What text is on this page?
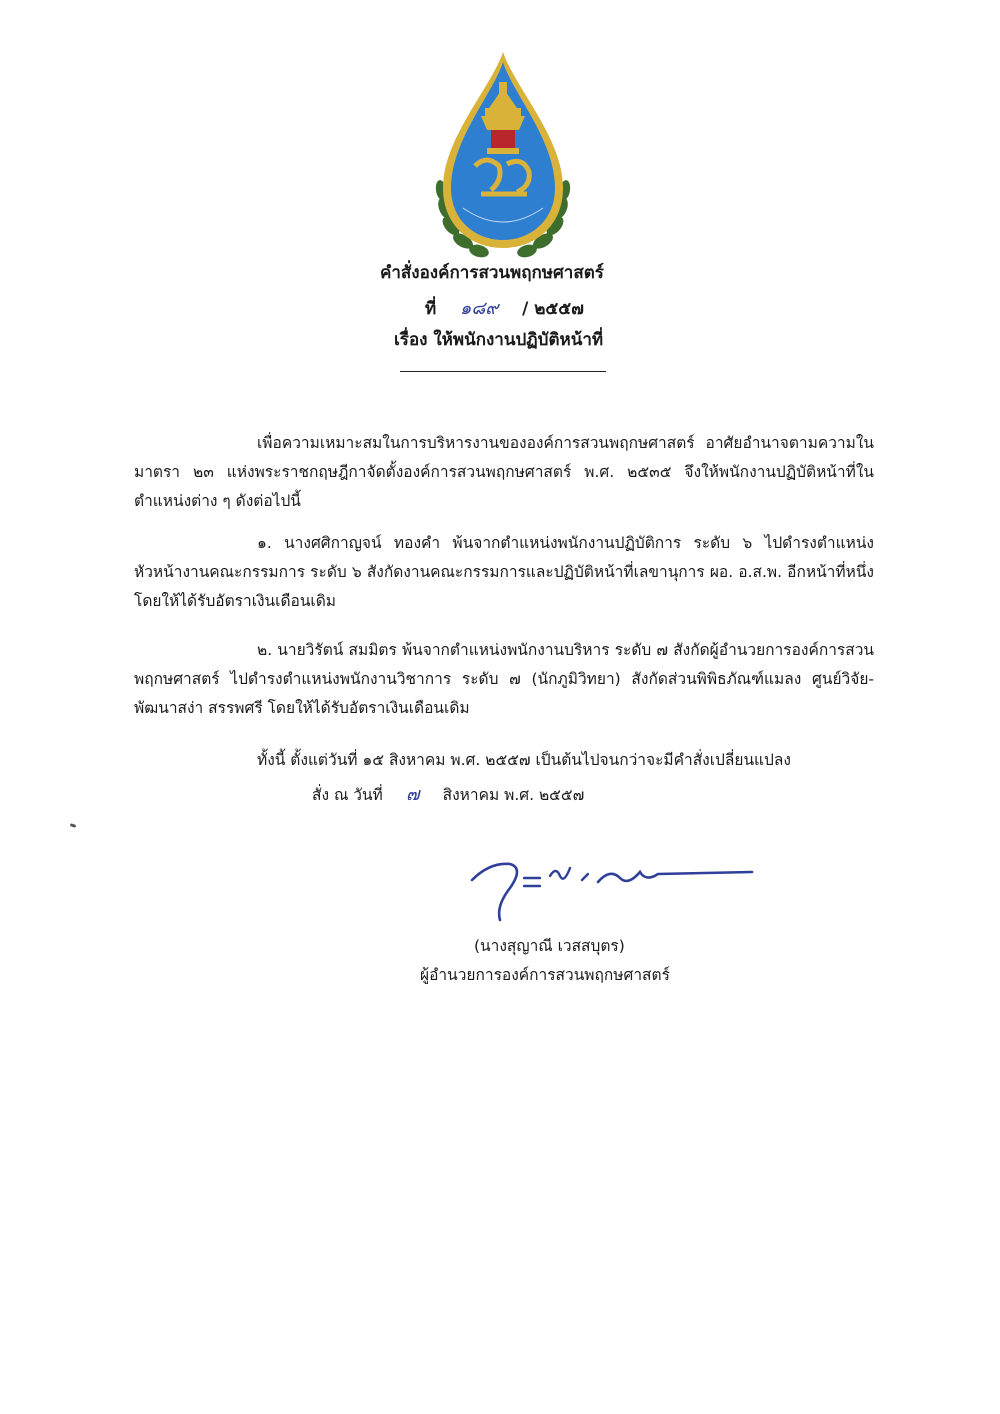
คำสั่งองค์การสวนพฤกษศาสตร์
ที่ ๑๘๙ / ๒๕๕๗
เรื่อง ให้พนักงานปฏิบัติหน้าที่

เพื่อความเหมาะสมในการบริหารงานขององค์การสวนพฤกษศาสตร์ อาศัยอำนาจตามความในมาตรา ๒๓ แห่งพระราชกฤษฎีกาจัดตั้งองค์การสวนพฤกษศาสตร์ พ.ศ. ๒๕๓๕ จึงให้พนักงานปฏิบัติหน้าที่ในตำแหน่งต่าง ๆ ดังต่อไปนี้

๑. นางศศิกาญจน์ ทองคำ พ้นจากตำแหน่งพนักงานปฏิบัติการ ระดับ ๖ ไปดำรงตำแหน่งหัวหน้างานคณะกรรมการ ระดับ ๖ สังกัดงานคณะกรรมการและปฏิบัติหน้าที่เลขานุการ ผอ. อ.ส.พ. อีกหน้าที่หนึ่ง โดยให้ได้รับอัตราเงินเดือนเดิม

๒. นายวิรัตน์ สมมิตร พ้นจากตำแหน่งพนักงานบริหาร ระดับ ๗ สังกัดผู้อำนวยการองค์การสวนพฤกษศาสตร์ ไปดำรงตำแหน่งพนักงานวิชาการ ระดับ ๗ (นักภูมิวิทยา) สังกัดส่วนพิพิธภัณฑ์แมลง ศูนย์วิจัย-พัฒนาสง่า สรรพศรี โดยให้ได้รับอัตราเงินเดือนเดิม

ทั้งนี้ ตั้งแต่วันที่ ๑๕ สิงหาคม พ.ศ. ๒๕๕๗ เป็นต้นไปจนกว่าจะมีคำสั่งเปลี่ยนแปลง

สั่ง ณ วันที่ ๗ สิงหาคม พ.ศ. ๒๕๕๗
(นางสุญาณี เวสสบุตร)
ผู้อำนวยการองค์การสวนพฤกษศาสตร์
